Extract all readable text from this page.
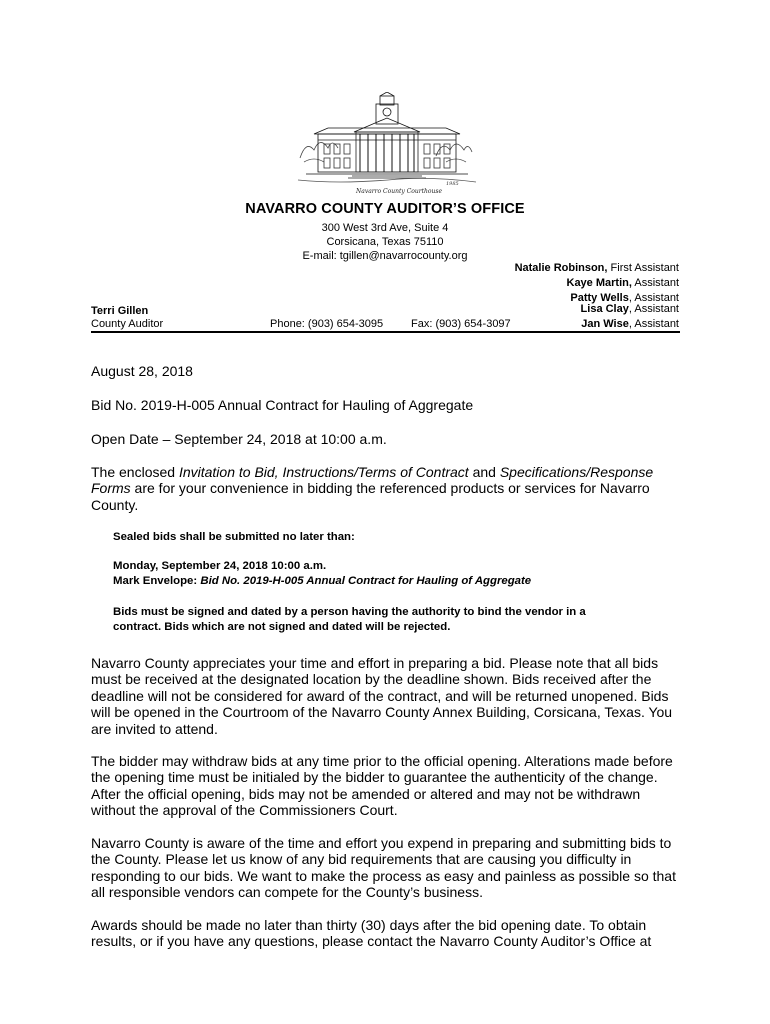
Navarro County Courthouse
1985
NAVARRO COUNTY AUDITOR’S OFFICE
300 West 3rd Ave, Suite 4
Corsicana, Texas 75110
E-mail: tgillen@navarrocounty.org
Natalie Robinson, First Assistant
Kaye Martin, Assistant
Patty Wells, Assistant
Lisa Clay, Assistant
Jan Wise, Assistant
Terri Gillen
County Auditor	Phone: (903) 654-3095	Fax: (903) 654-3097
August 28, 2018
Bid No. 2019-H-005 Annual Contract for Hauling of Aggregate
Open Date – September 24, 2018 at 10:00 a.m.
The enclosed Invitation to Bid, Instructions/Terms of Contract and Specifications/Response
Forms are for your convenience in bidding the referenced products or services for Navarro
County.
Sealed bids shall be submitted no later than:
Monday, September 24, 2018 10:00 a.m.
Mark Envelope: Bid No. 2019-H-005 Annual Contract for Hauling of Aggregate
Bids must be signed and dated by a person having the authority to bind the vendor in a
contract. Bids which are not signed and dated will be rejected.
Navarro County appreciates your time and effort in preparing a bid. Please note that all bids
must be received at the designated location by the deadline shown. Bids received after the
deadline will not be considered for award of the contract, and will be returned unopened. Bids
will be opened in the Courtroom of the Navarro County Annex Building, Corsicana, Texas. You
are invited to attend.
The bidder may withdraw bids at any time prior to the official opening. Alterations made before
the opening time must be initialed by the bidder to guarantee the authenticity of the change.
After the official opening, bids may not be amended or altered and may not be withdrawn
without the approval of the Commissioners Court.
Navarro County is aware of the time and effort you expend in preparing and submitting bids to
the County. Please let us know of any bid requirements that are causing you difficulty in
responding to our bids. We want to make the process as easy and painless as possible so that
all responsible vendors can compete for the County’s business.
Awards should be made no later than thirty (30) days after the bid opening date. To obtain
results, or if you have any questions, please contact the Navarro County Auditor’s Office at
